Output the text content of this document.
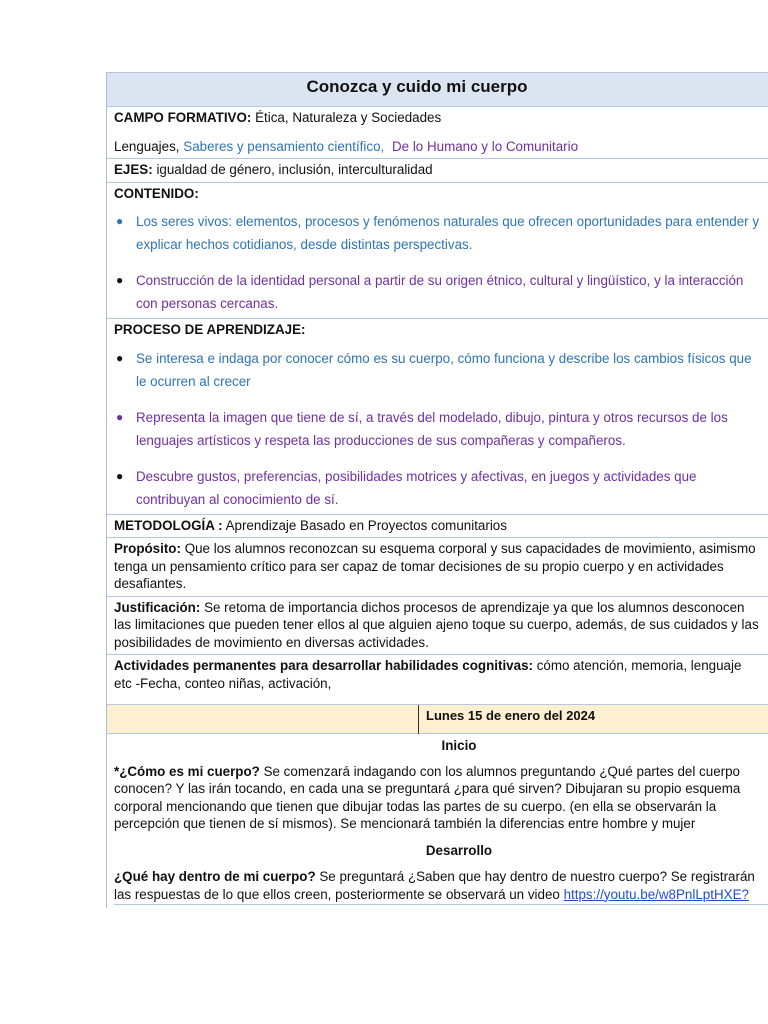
Conozca y cuido mi cuerpo
CAMPO FORMATIVO: Ética, Naturaleza y Sociedades
Lenguajes, Saberes y pensamiento científico, De lo Humano y lo Comunitario
EJES: igualdad de género, inclusión, interculturalidad
CONTENIDO:
● Los seres vivos: elementos, procesos y fenómenos naturales que ofrecen oportunidades para entender y
explicar hechos cotidianos, desde distintas perspectivas.
● Construcción de la identidad personal a partir de su origen étnico, cultural y lingüístico, y la interacción
con personas cercanas.
PROCESO DE APRENDIZAJE:
● Se interesa e indaga por conocer cómo es su cuerpo, cómo funciona y describe los cambios físicos que
le ocurren al crecer
● Representa la imagen que tiene de sí, a través del modelado, dibujo, pintura y otros recursos de los
lenguajes artísticos y respeta las producciones de sus compañeras y compañeros.
● Descubre gustos, preferencias, posibilidades motrices y afectivas, en juegos y actividades que
contribuyan al conocimiento de sí.
METODOLOGÍA : Aprendizaje Basado en Proyectos comunitarios
Propósito: Que los alumnos reconozcan su esquema corporal y sus capacidades de movimiento, asimismo
tenga un pensamiento crítico para ser capaz de tomar decisiones de su propio cuerpo y en actividades
desafiantes.
Justificación: Se retoma de importancia dichos procesos de aprendizaje ya que los alumnos desconocen
las limitaciones que pueden tener ellos al que alguien ajeno toque su cuerpo, además, de sus cuidados y las
posibilidades de movimiento en diversas actividades.
Actividades permanentes para desarrollar habilidades cognitivas: cómo atención, memoria, lenguaje
etc -Fecha, conteo niñas, activación,
Lunes 15 de enero del 2024
Inicio
*¿Cómo es mi cuerpo? Se comenzará indagando con los alumnos preguntando ¿Qué partes del cuerpo
conocen? Y las irán tocando, en cada una se preguntará ¿para qué sirven? Dibujaran su propio esquema
corporal mencionando que tienen que dibujar todas las partes de su cuerpo. (en ella se observarán la
percepción que tienen de sí mismos). Se mencionará también la diferencias entre hombre y mujer
Desarrollo
¿Qué hay dentro de mi cuerpo? Se preguntará ¿Saben que hay dentro de nuestro cuerpo? Se registrarán
las respuestas de lo que ellos creen, posteriormente se observará un video https://youtu.be/w8PnlLptHXE?
